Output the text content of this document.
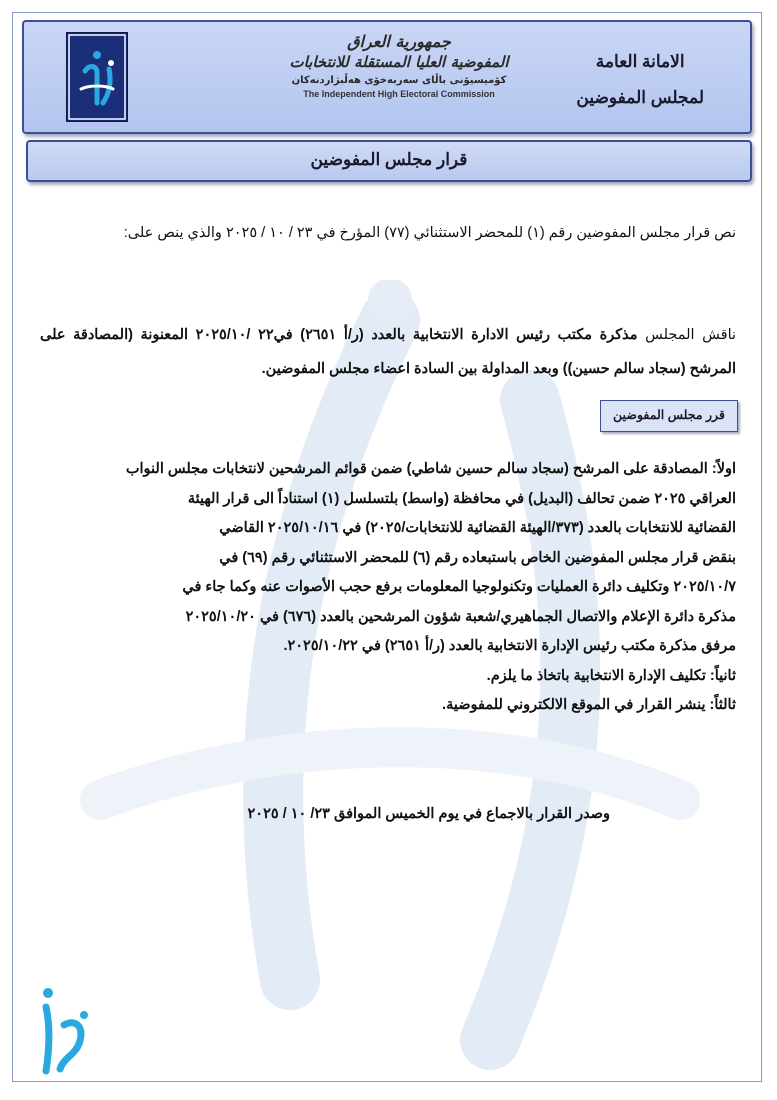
جمهورية العراق
المفوضية العليا المستقلة للانتخابات
كۆمیسیۆنی باڵای سەربەخۆی هەڵبژاردنەکان
The Independent High Electoral Commission
الامانة العامة
لمجلس المفوضين
قرار مجلس المفوضين
نص قرار مجلس المفوضين رقم (١) للمحضر الاستثنائي (٧٧) المؤرخ في ٢٣ / ١٠ / ٢٠٢٥ والذي ينص على:
ناقش المجلس مذكرة مكتب رئيس الادارة الانتخابية بالعدد (ر/أ ٢٦٥١) في٢٢ /٢٠٢٥/١٠ المعنونة (المصادقة على المرشح (سجاد سالم حسين)) وبعد المداولة بين السادة اعضاء مجلس المفوضين.
قرر مجلس المفوضين
اولاً: المصادقة على المرشح (سجاد سالم حسين شاطي) ضمن قوائم المرشحين لانتخابات مجلس النواب
العراقي ٢٠٢٥ ضمن تحالف (البديل) في محافظة (واسط) بلتسلسل (١) استناداً الى قرار الهيئة
القضائية للانتخابات بالعدد (٣٧٣/الهيئة القضائية للانتخابات/٢٠٢٥) في ٢٠٢٥/١٠/١٦ القاضي
بنقض قرار مجلس المفوضين الخاص باستبعاده رقم (٦) للمحضر الاستثنائي رقم (٦٩) في
٢٠٢٥/١٠/٧ وتكليف دائرة العمليات وتكنولوجيا المعلومات برفع حجب الأصوات عنه وكما جاء في
مذكرة دائرة الإعلام والاتصال الجماهيري/شعبة شؤون المرشحين بالعدد (٦٧٦) في ٢٠٢٥/١٠/٢٠
مرفق مذكرة مكتب رئيس الإدارة الانتخابية بالعدد (ر/أ ٢٦٥١) في ٢٠٢٥/١٠/٢٢.
ثانياً: تكليف الإدارة الانتخابية باتخاذ ما يلزم.
ثالثاً: ينشر القرار في الموقع الالكتروني للمفوضية.
وصدر القرار بالاجماع في يوم الخميس الموافق ٢٣/ ١٠ / ٢٠٢٥
